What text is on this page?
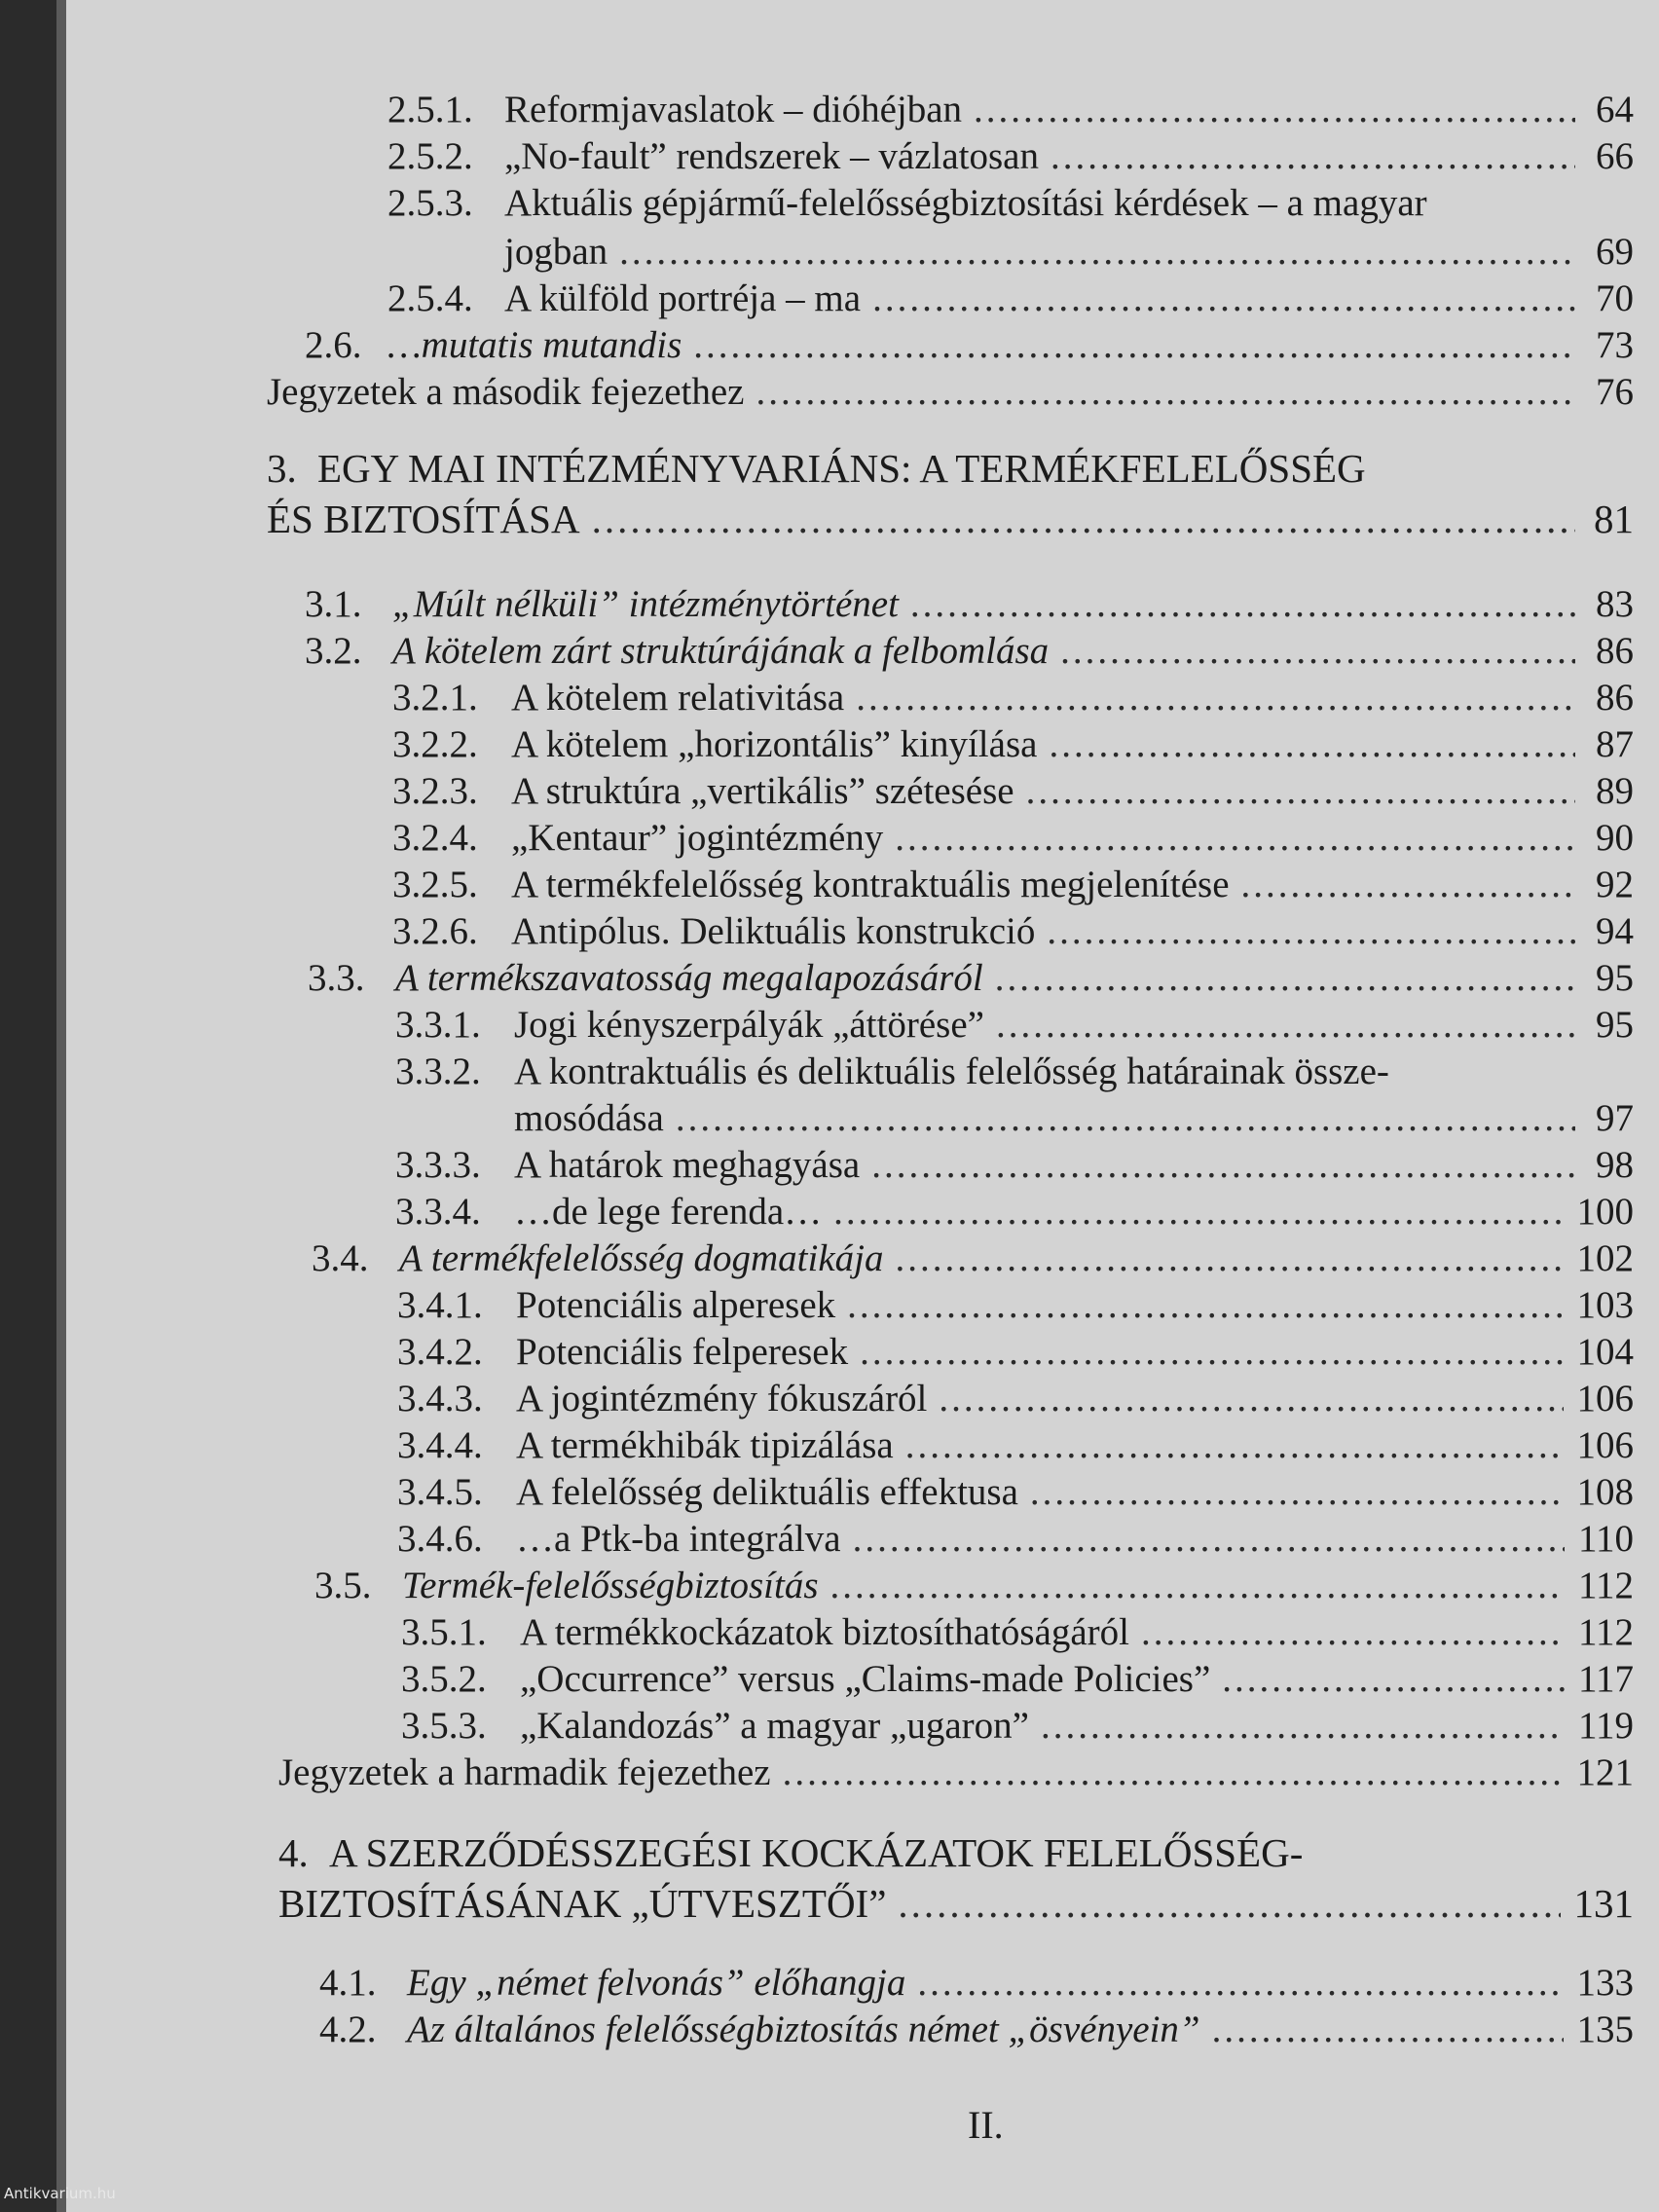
2.5.1. Reformjavaslatok – dióhéjban .....	64
2.5.2. „No-fault” rendszerek – vázlatosan .....	66
2.5.3. Aktuális gépjármű-felelősségbiztosítási kérdések – a magyar
jogban .....	69
2.5.4. A külföld portréja – ma .....	70
2.6. …mutatis mutandis .....	73
Jegyzetek a második fejezethez .....	76
3. EGY MAI INTÉZMÉNYVARIÁNS: A TERMÉKFELELŐSSÉG
ÉS BIZTOSÍTÁSA .....	81
3.1. „Múlt nélküli” intézménytörténet .....	83
3.2. A kötelem zárt struktúrájának a felbomlása .....	86
3.2.1. A kötelem relativitása .....	86
3.2.2. A kötelem „horizontális” kinyílása .....	87
3.2.3. A struktúra „vertikális” szétesése .....	89
3.2.4. „Kentaur” jogintézmény .....	90
3.2.5. A termékfelelősség kontraktuális megjelenítése .....	92
3.2.6. Antipólus. Deliktuális konstrukció .....	94
3.3. A termékszavatosság megalapozásáról .....	95
3.3.1. Jogi kényszerpályák „áttörése” .....	95
3.3.2. A kontraktuális és deliktuális felelősség határainak össze-
mosódása .....	97
3.3.3. A határok meghagyása .....	98
3.3.4. …de lege ferenda… .....	100
3.4. A termékfelelősség dogmatikája .....	102
3.4.1. Potenciális alperesek .....	103
3.4.2. Potenciális felperesek .....	104
3.4.3. A jogintézmény fókuszáról .....	106
3.4.4. A termékhibák tipizálása .....	106
3.4.5. A felelősség deliktuális effektusa .....	108
3.4.6. …a Ptk-ba integrálva .....	110
3.5. Termék-felelősségbiztosítás .....	112
3.5.1. A termékkockázatok biztosíthatóságáról .....	112
3.5.2. „Occurrence” versus „Claims-made Policies” .....	117
3.5.3. „Kalandozás” a magyar „ugaron” .....	119
Jegyzetek a harmadik fejezethez .....	121
4. A SZERZŐDÉSSZEGÉSI KOCKÁZATOK FELELŐSSÉG-
BIZTOSÍTÁSÁNAK „ÚTVESZTŐI” .....	131
4.1. Egy „német felvonás” előhangja .....	133
4.2. Az általános felelősségbiztosítás német „ösvényein” .....	135
II.
Antikvarium.hu
